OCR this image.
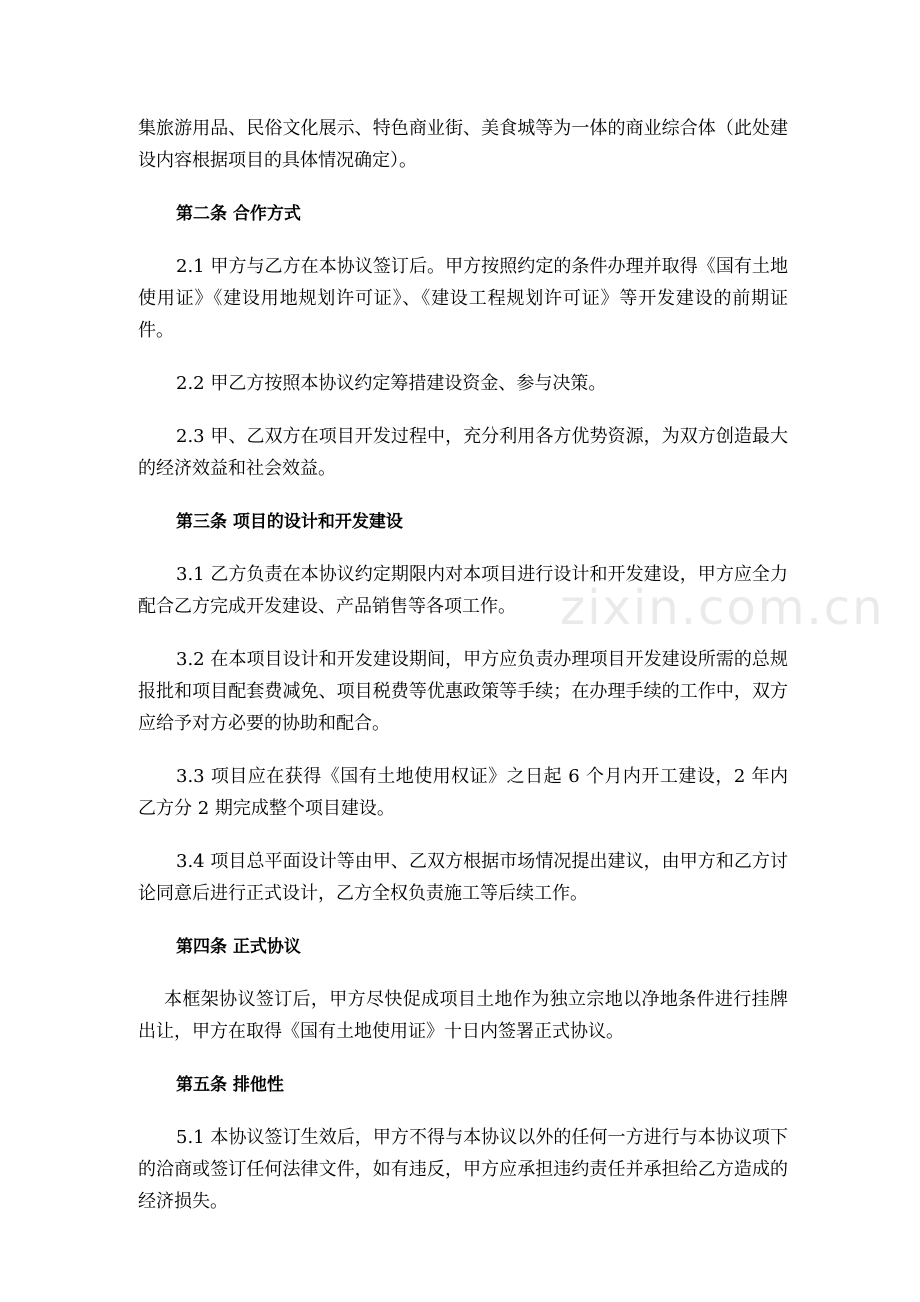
集旅游用品、民俗文化展示、特色商业街、美食城等为一体的商业综合体（此处建设内容根据项目的具体情况确定）。

第二条 合作方式

2.1 甲方与乙方在本协议签订后。甲方按照约定的条件办理并取得《国有土地使用证》《建设用地规划许可证》、《建设工程规划许可证》等开发建设的前期证件。

2.2 甲乙方按照本协议约定筹措建设资金、参与决策。

2.3 甲、乙双方在项目开发过程中，充分利用各方优势资源，为双方创造最大的经济效益和社会效益。

第三条 项目的设计和开发建设

3.1 乙方负责在本协议约定期限内对本项目进行设计和开发建设，甲方应全力配合乙方完成开发建设、产品销售等各项工作。

3.2 在本项目设计和开发建设期间，甲方应负责办理项目开发建设所需的总规报批和项目配套费减免、项目税费等优惠政策等手续；在办理手续的工作中，双方应给予对方必要的协助和配合。

3.3 项目应在获得《国有土地使用权证》之日起 6 个月内开工建设，2 年内乙方分 2 期完成整个项目建设。

3.4 项目总平面设计等由甲、乙双方根据市场情况提出建议，由甲方和乙方讨论同意后进行正式设计，乙方全权负责施工等后续工作。

第四条 正式协议

本框架协议签订后，甲方尽快促成项目土地作为独立宗地以净地条件进行挂牌出让，甲方在取得《国有土地使用证》十日内签署正式协议。

第五条 排他性

5.1 本协议签订生效后，甲方不得与本协议以外的任何一方进行与本协议项下的洽商或签订任何法律文件，如有违反，甲方应承担违约责任并承担给乙方造成的经济损失。

zixin.com.cn
